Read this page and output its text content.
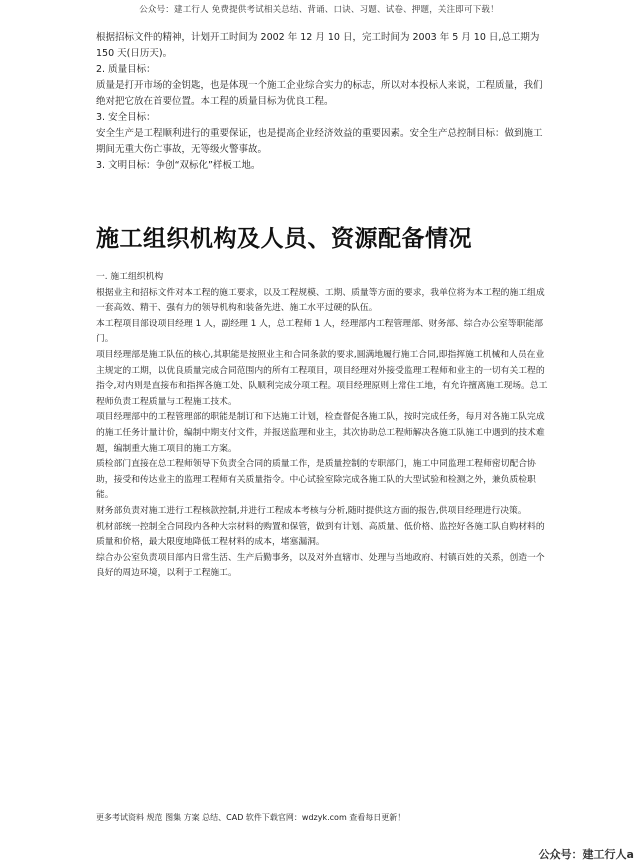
公众号：建工行人 免费提供考试相关总结、背诵、口诀、习题、试卷、押题，关注即可下载！

根据招标文件的精神，计划开工时间为 2002 年 12 月 10 日，完工时间为 2003 年 5 月 10 日,总工期为 150 天(日历天)。

2. 质量目标：

质量是打开市场的金钥匙，也是体现一个施工企业综合实力的标志，所以对本投标人来说，工程质量，我们绝对把它放在首要位置。本工程的质量目标为优良工程。

3. 安全目标：

安全生产是工程顺利进行的重要保证，也是提高企业经济效益的重要因素。安全生产总控制目标：做到施工期间无重大伤亡事故，无等级火警事故。

3. 文明目标：争创“双标化”样板工地。

施工组织机构及人员、资源配备情况

一. 施工组织机构

根据业主和招标文件对本工程的施工要求，以及工程规模、工期、质量等方面的要求，我单位将为本工程的施工组成一套高效、精干、强有力的领导机构和装备先进、施工水平过硬的队伍。

本工程项目部设项目经理 1 人，副经理 1 人，总工程师 1 人，经理部内工程管理部、财务部、综合办公室等职能部门。

项目经理部是施工队伍的核心,其职能是按照业主和合同条款的要求,圆满地履行施工合同,即指挥施工机械和人员在业主规定的工期，以优良质量完成合同范围内的所有工程项目，项目经理对外接受监理工程师和业主的一切有关工程的指令,对内则是直接布和指挥各施工处、队顺利完成分项工程。项目经理原则上常住工地，有允许擅离施工现场。总工程师负责工程质量与工程施工技术。

项目经理部中的工程管理部的职能是制订和下达施工计划，检查督促各施工队，按时完成任务，每月对各施工队完成的施工任务计量计价，编制中期支付文件，并报送监理和业主，其次协助总工程师解决各施工队施工中遇到的技术难题，编制重大施工项目的施工方案。

质检部门直接在总工程师领导下负责全合同的质量工作，是质量控制的专职部门，施工中同监理工程师密切配合协助，接受和传达业主的监理工程师有关质量指令。中心试验室除完成各施工队的大型试验和检测之外，兼负质检职能。

财务部负责对施工进行工程核款控制,并进行工程成本考核与分析,随时提供这方面的报告,供项目经理进行决策。

机材部统一控制全合同段内各种大宗材料的购置和保管，做到有计划、高质量、低价格、监控好各施工队自购材料的质量和价格，最大限度地降低工程材料的成本，堵塞漏洞。

综合办公室负责项目部内日常生活、生产后勤事务，以及对外直辖市、处理与当地政府、村镇百姓的关系，创造一个良好的周边环境，以利于工程施工。

更多考试资料 规范 图集 方案 总结、CAD 软件下载官网：wdzyk.com 查看每日更新！
公众号：建工行人a
